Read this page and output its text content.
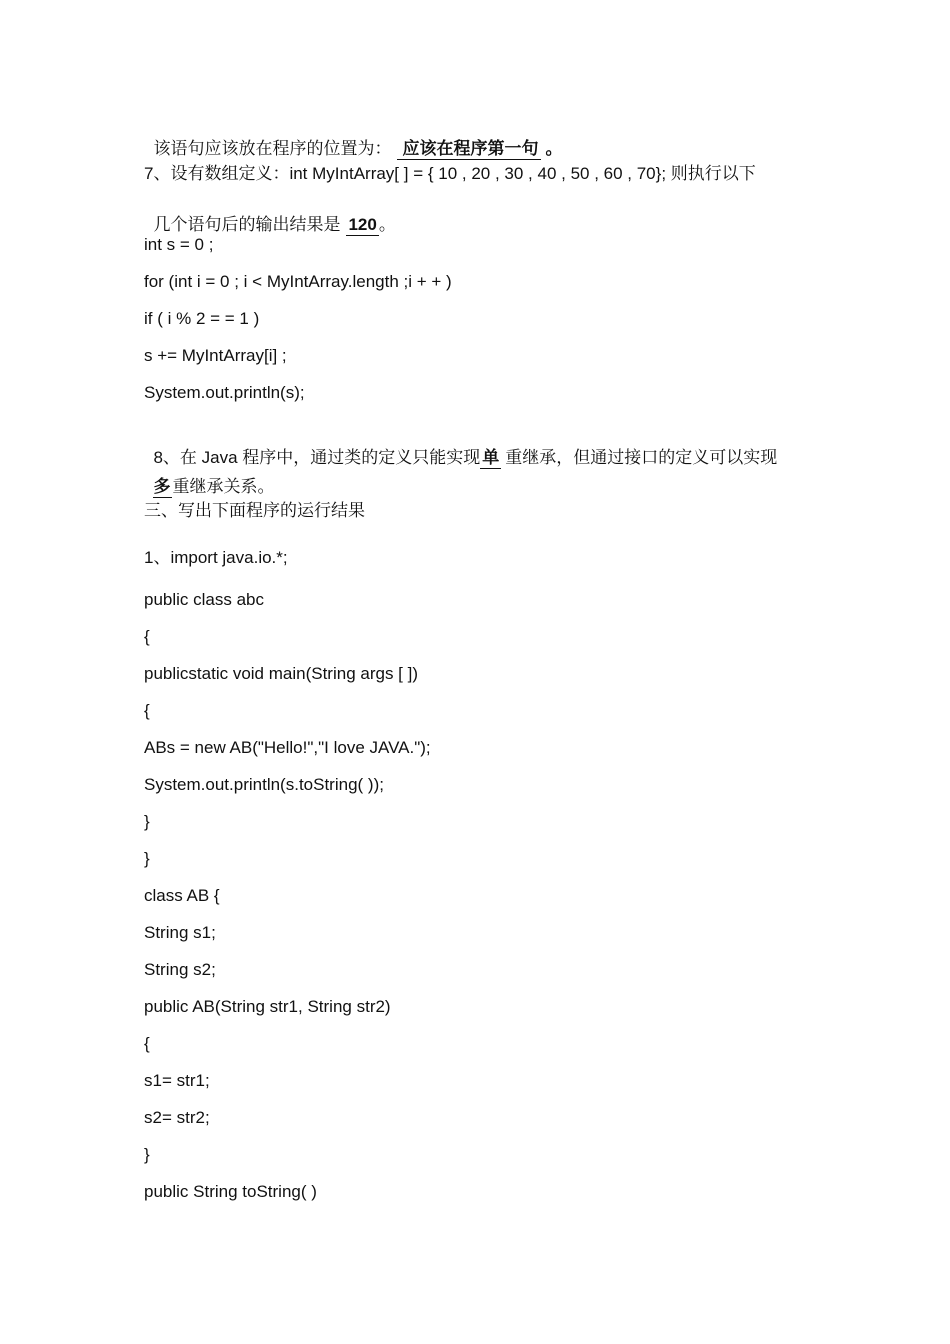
该语句应该放在程序的位置为： 应该在程序第一句 。

7、设有数组定义：int MyIntArray[ ] = { 10 , 20 , 30 , 40 , 50 , 60 , 70}; 则执行以下

几个语句后的输出结果是 120 。

int s = 0 ;
for (int i = 0 ; i < MyIntArray.length ;i + + )
if ( i % 2 = = 1 )
s += MyIntArray[i] ;
System.out.println(s);

8、在 Java 程序中，通过类的定义只能实现 单 重继承，但通过接口的定义可以实现

多 重继承关系。

三、写出下面程序的运行结果
1、import java.io.*;
public class abc
{
publicstatic void main(String args [ ])
{
ABs = new AB("Hello!","I love JAVA.");
System.out.println(s.toString( ));
}
}
class AB {
String s1;
String s2;
public AB(String str1, String str2)
{
s1= str1;
s2= str2;
}
public String toString( )
